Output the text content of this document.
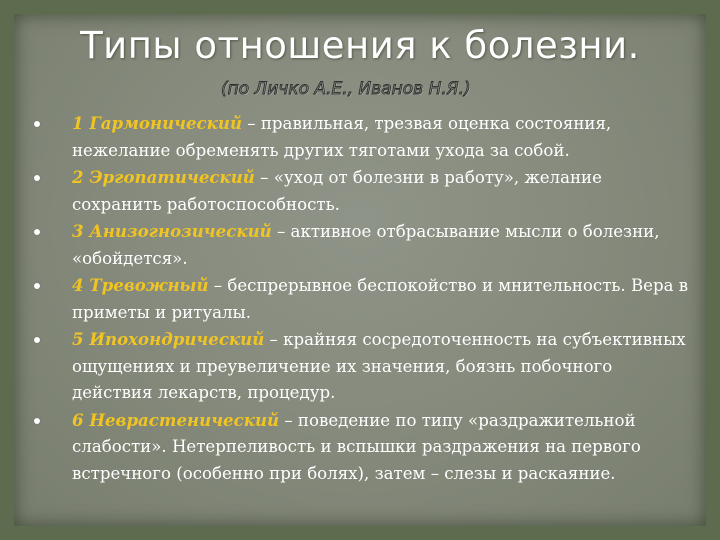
Типы отношения к болезни.
(по Личко А.Е., Иванов Н.Я.)
1 Гармонический – правильная, трезвая оценка состояния, нежелание обременять других тяготами ухода за собой.
2 Эргопатический – «уход от болезни в работу», желание сохранить работоспособность.
3 Анизогнозический – активное отбрасывание мысли о болезни, «обойдется».
4 Тревожный – беспрерывное беспокойство и мнительность. Вера в приметы и ритуалы.
5 Ипохондрический – крайняя сосредоточенность на субъективных ощущениях и преувеличение их значения, боязнь побочного действия лекарств, процедур.
6 Неврастенический – поведение по типу «раздражительной слабости». Нетерпеливость и вспышки раздражения на первого встречного (особенно при болях), затем – слезы и раскаяние.
